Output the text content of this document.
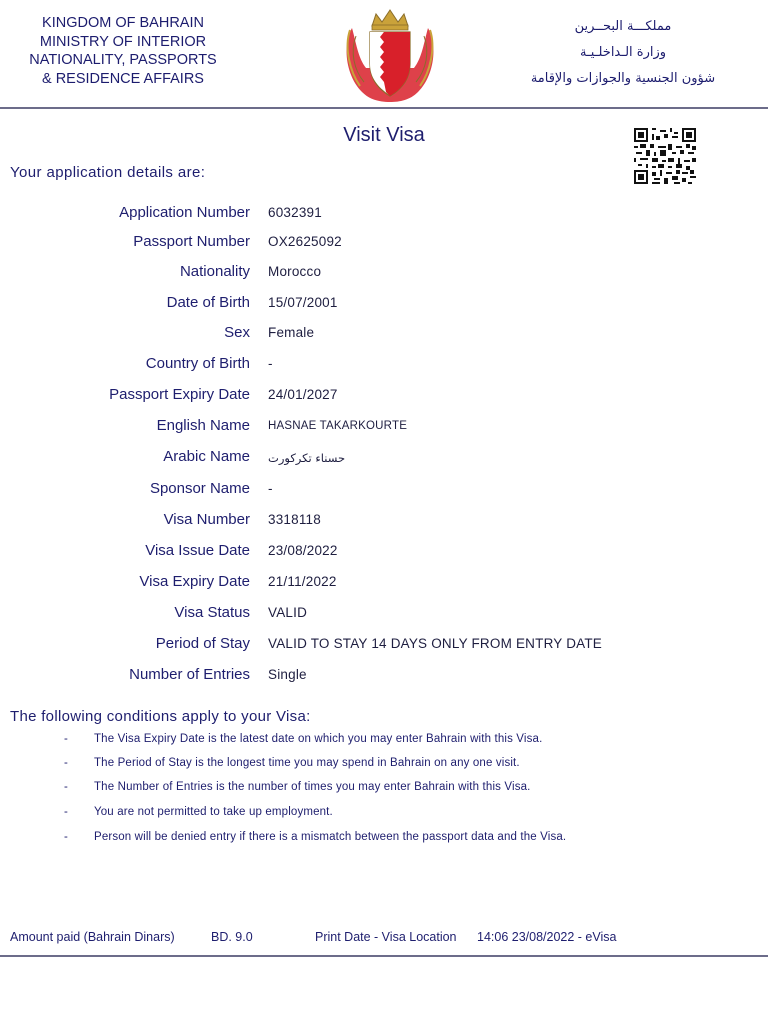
KINGDOM OF BAHRAIN
MINISTRY OF INTERIOR
NATIONALITY, PASSPORTS
& RESIDENCE AFFAIRS
مملكـــة البحــرين
وزارة الـداخلـيـة
شؤون الجنسية والجوازات والإقامة
Visit Visa
Your application details are:
Application Number 6032391
Passport Number OX2625092
Nationality Morocco
Date of Birth 15/07/2001
Sex Female
Country of Birth -
Passport Expiry Date 24/01/2027
English Name HASNAE TAKARKOURTE
Arabic Name حسناء تكركورت
Sponsor Name -
Visa Number 3318118
Visa Issue Date 23/08/2022
Visa Expiry Date 21/11/2022
Visa Status VALID
Period of Stay VALID TO STAY 14 DAYS ONLY FROM ENTRY DATE
Number of Entries Single
The following conditions apply to your Visa:
- The Visa Expiry Date is the latest date on which you may enter Bahrain with this Visa.
- The Period of Stay is the longest time you may spend in Bahrain on any one visit.
- The Number of Entries is the number of times you may enter Bahrain with this Visa.
- You are not permitted to take up employment.
- Person will be denied entry if there is a mismatch between the passport data and the Visa.
Amount paid (Bahrain Dinars)	BD. 9.0	Print Date - Visa Location 14:06 23/08/2022 - eVisa
